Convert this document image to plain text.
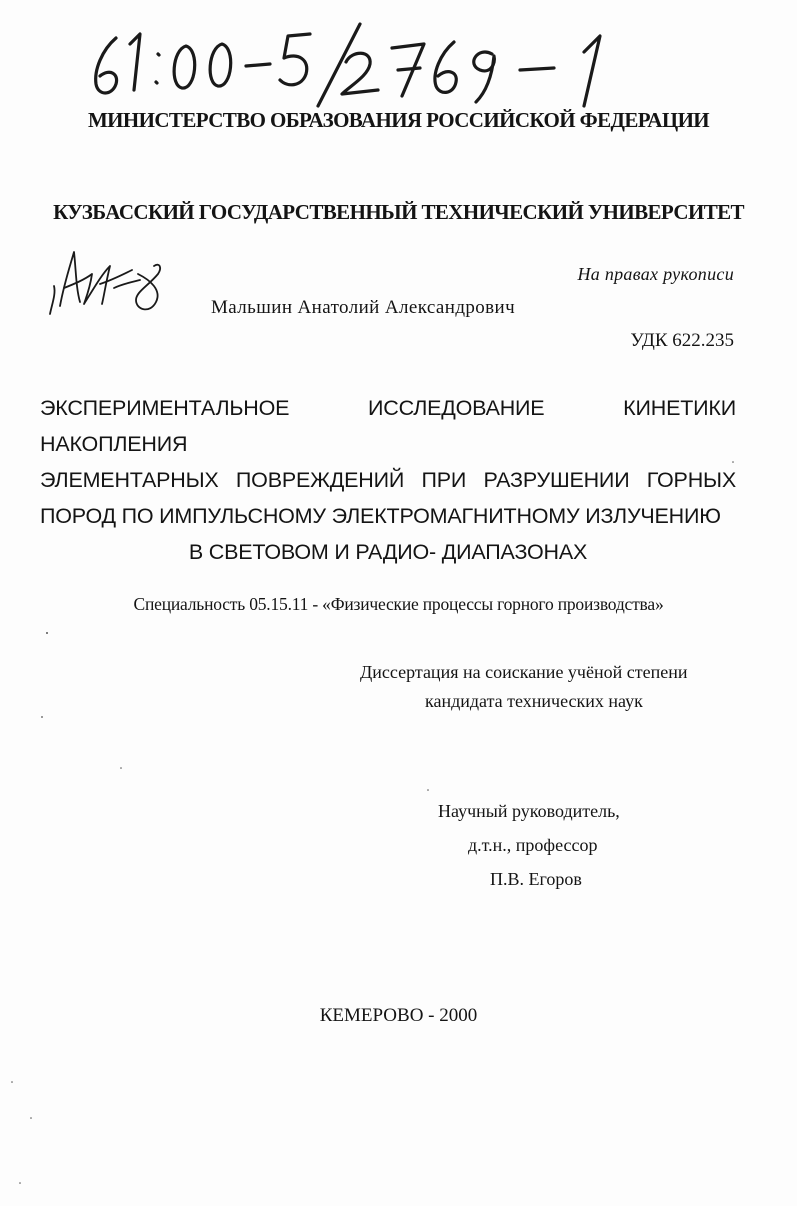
61:00-5/2769-1
МИНИСТЕРСТВО ОБРАЗОВАНИЯ РОССИЙСКОЙ ФЕДЕРАЦИИ
КУЗБАССКИЙ ГОСУДАРСТВЕННЫЙ ТЕХНИЧЕСКИЙ УНИВЕРСИТЕТ
На правах рукописи
Мальшин Анатолий Александрович
УДК 622.235
ЭКСПЕРИМЕНТАЛЬНОЕ ИССЛЕДОВАНИЕ КИНЕТИКИ НАКОПЛЕНИЯ
ЭЛЕМЕНТАРНЫХ ПОВРЕЖДЕНИЙ ПРИ РАЗРУШЕНИИ ГОРНЫХ
ПОРОД ПО ИМПУЛЬСНОМУ ЭЛЕКТРОМАГНИТНОМУ ИЗЛУЧЕНИЮ
В СВЕТОВОМ И РАДИО- ДИАПАЗОНАХ
Специальность 05.15.11 - «Физические процессы горного производства»
Диссертация на соискание учёной степени
кандидата технических наук
Научный руководитель,
д.т.н., профессор
П.В. Егоров
КЕМЕРОВО - 2000
